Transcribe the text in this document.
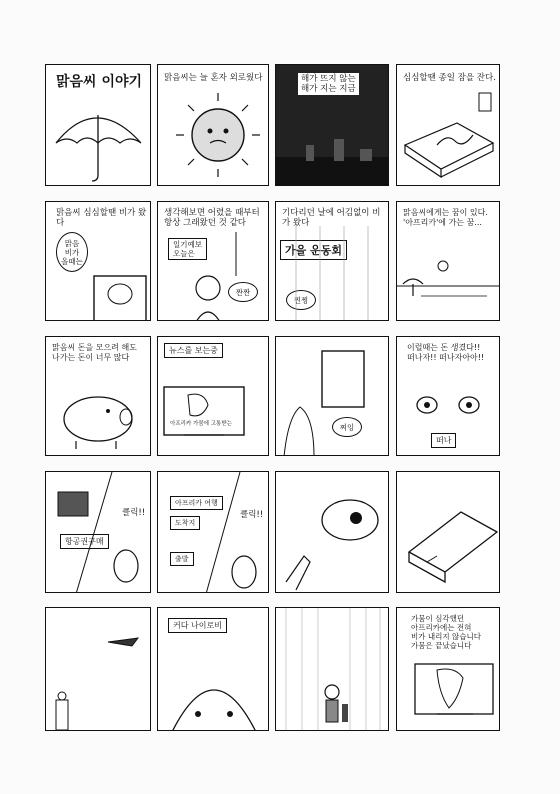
맑음씨 이야기	맑음씨는 늘 혼자 외로웠다	해가 뜨지 않는
해가 지는 지금
심심할땐 종일 잠을 잔다.
맑음씨 심심할땐 비가 왔다
맑음
비가
올때는
생각해보면 어렸을 때부터
항상 그래왔던 것 같다
일기예보
오늘은
짠짠
기다리던 날에 어김없이 비가 왔다
가을 운동회
찐찡
맑음씨에게는 꿈이 있다.
'아프리카'에 가는 꿈...
맑음씨 돈을 모으려 해도
나가는 돈이 너무 많다
뉴스를 보는중
아프리카 가뭄에 고통받는	찌잉
이럴때는 돈 생겼다!!
떠나자!! 떠나자아아!!
떠나
항공권구매
클릭!!
아프리카 여행
도착지
출발
클릭!!
커다 나이로비
가뭄이 심각했던
아프리카에는 전혀
비가 내리지 않습니다
가뭄은 끝났습니다
